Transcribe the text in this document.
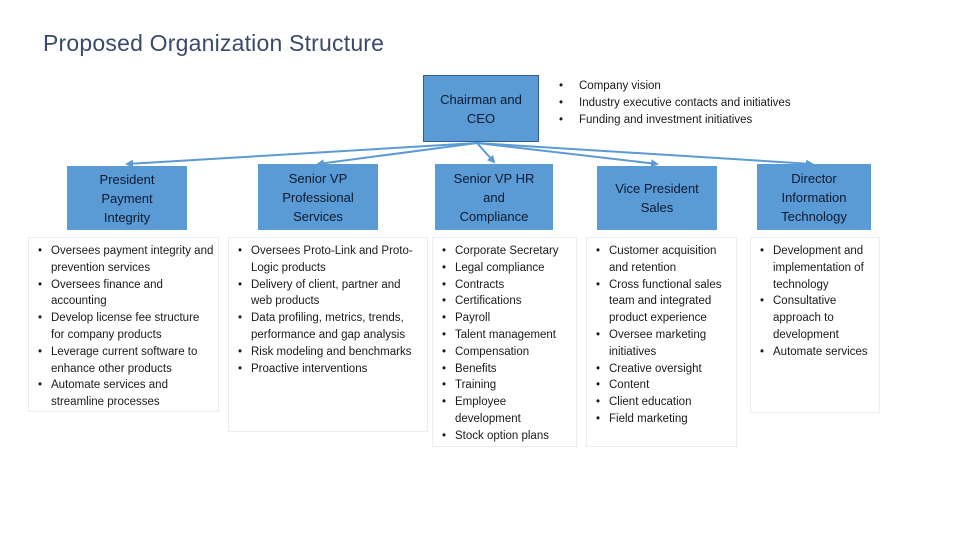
Proposed Organization Structure
Chairman and CEO
• Company vision
• Industry executive contacts and initiatives
• Funding and investment initiatives
President Payment Integrity
Senior VP Professional Services
Senior VP HR and Compliance
Vice President Sales
Director Information Technology
• Oversees payment integrity and prevention services
• Oversees finance and accounting
• Develop license fee structure for company products
• Leverage current software to enhance other products
• Automate services and streamline processes
• Oversees Proto-Link and Proto-Logic products
• Delivery of client, partner and web products
• Data profiling, metrics, trends, performance and gap analysis
• Risk modeling and benchmarks
• Proactive interventions
• Corporate Secretary
• Legal compliance
• Contracts
• Certifications
• Payroll
• Talent management
• Compensation
• Benefits
• Training
• Employee development
• Stock option plans
• Customer acquisition and retention
• Cross functional sales team and integrated product experience
• Oversee marketing initiatives
• Creative oversight
• Content
• Client education
• Field marketing
• Development and implementation of technology
• Consultative approach to development
• Automate services
